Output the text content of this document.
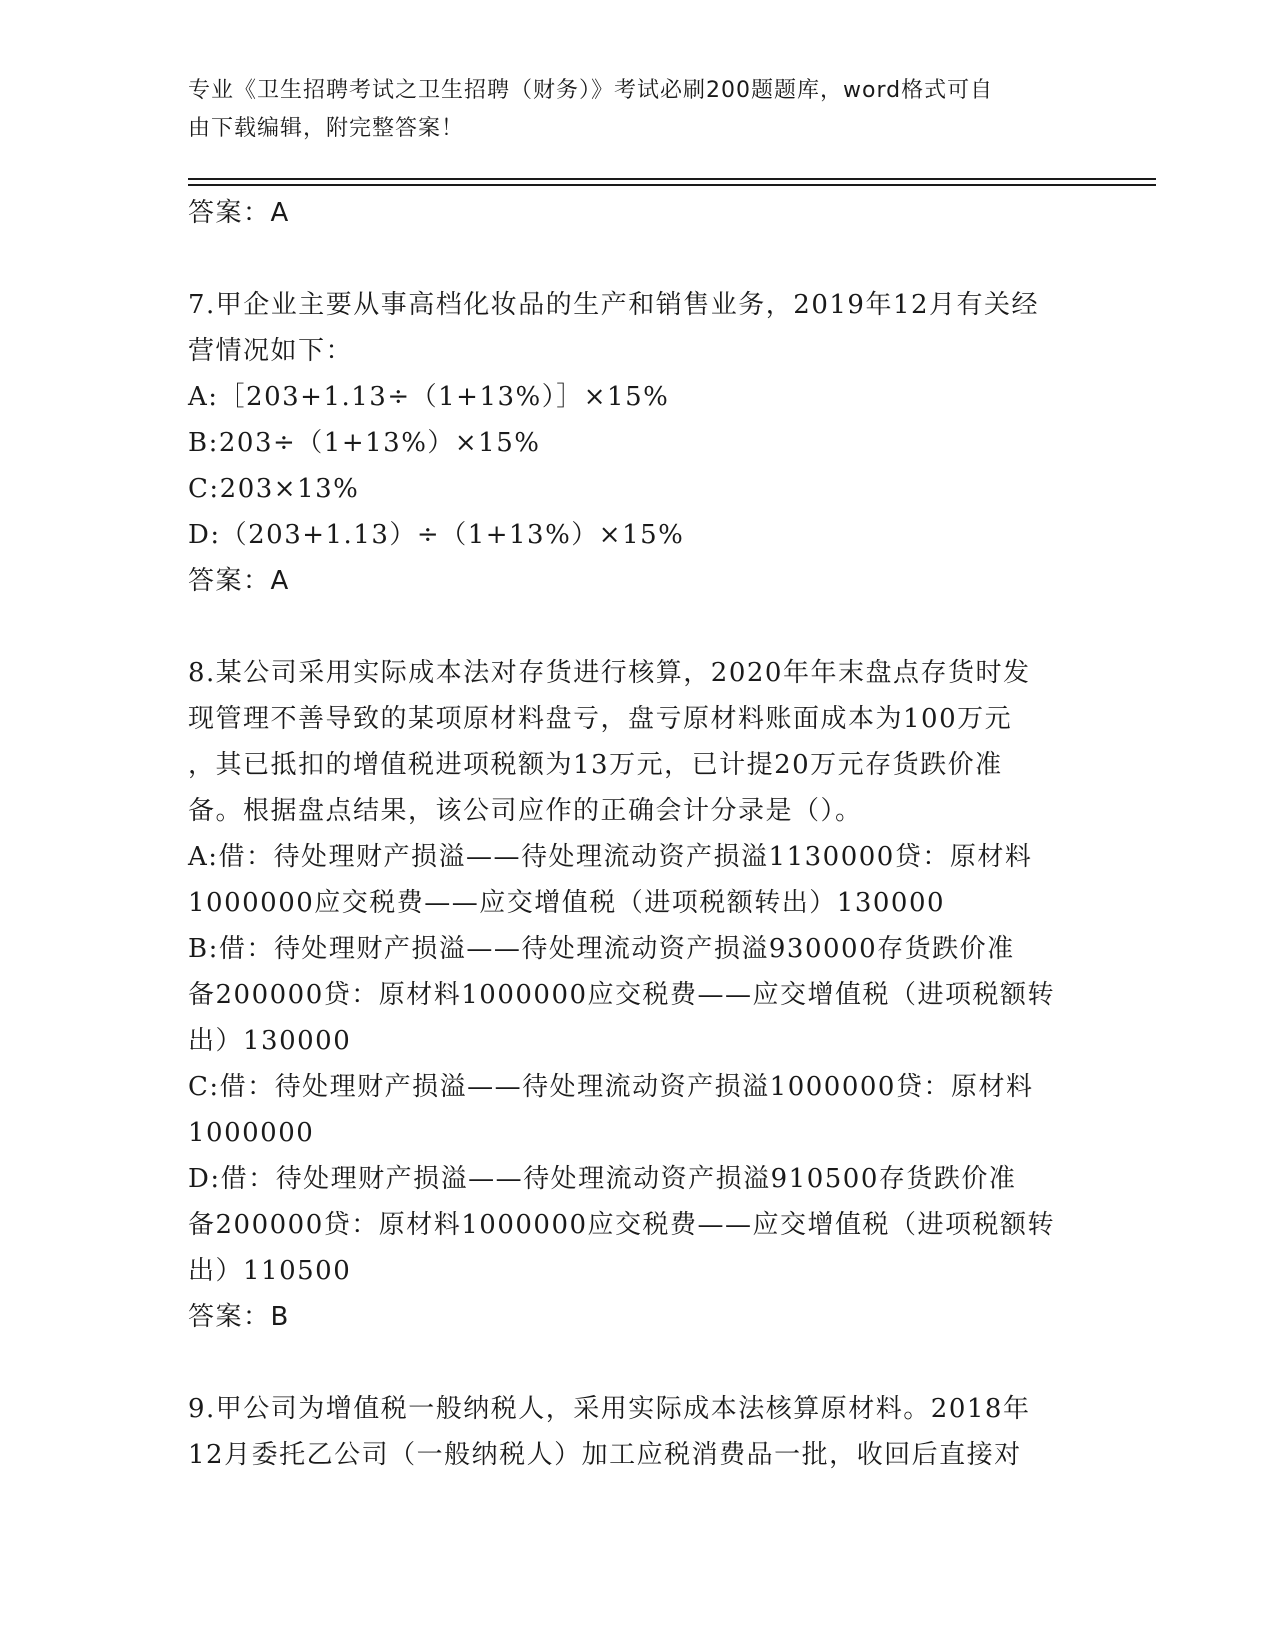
专业《卫生招聘考试之卫生招聘（财务）》考试必刷200题题库，word格式可自
由下载编辑，附完整答案！

答案：A

7.甲企业主要从事高档化妆品的生产和销售业务，2019年12月有关经

营情况如下：

A:［203+1.13÷（1+13%）］×15%

B:203÷（1+13%）×15%

C:203×13%

D:（203+1.13）÷（1+13%）×15%

答案：A

8.某公司采用实际成本法对存货进行核算，2020年年末盘点存货时发

现管理不善导致的某项原材料盘亏，盘亏原材料账面成本为100万元

，其已抵扣的增值税进项税额为13万元，已计提20万元存货跌价准

备。根据盘点结果，该公司应作的正确会计分录是（）。

A:借：待处理财产损溢——待处理流动资产损溢1130000贷：原材料

1000000应交税费——应交增值税（进项税额转出）130000

B:借：待处理财产损溢——待处理流动资产损溢930000存货跌价准

备200000贷：原材料1000000应交税费——应交增值税（进项税额转

出）130000

C:借：待处理财产损溢——待处理流动资产损溢1000000贷：原材料

1000000

D:借：待处理财产损溢——待处理流动资产损溢910500存货跌价准

备200000贷：原材料1000000应交税费——应交增值税（进项税额转

出）110500

答案：B

9.甲公司为增值税一般纳税人，采用实际成本法核算原材料。2018年

12月委托乙公司（一般纳税人）加工应税消费品一批，收回后直接对
